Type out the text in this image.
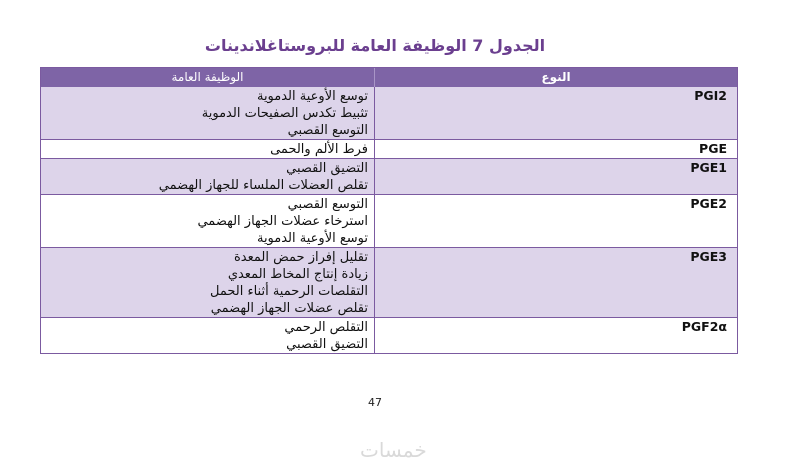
الجدول 7 الوظيفة العامة للبروستاغلاندينات
النوع
الوظيفة العامة
PGI2
توسع الأوعية الدموية
تثبيط تكدس الصفيحات الدموية
التوسع القصبي
PGE
فرط الألم والحمى
PGE1
التضيق القصبي
تقلص العضلات الملساء للجهاز الهضمي
PGE2
التوسع القصبي
استرخاء عضلات الجهاز الهضمي
توسع الأوعية الدموية
PGE3
تقليل إفراز حمض المعدة
زيادة إنتاج المخاط المعدي
التقلصات الرحمية أثناء الحمل
تقلص عضلات الجهاز الهضمي
PGF2α
التقلص الرحمي
التضيق القصبي
47
خمسات
